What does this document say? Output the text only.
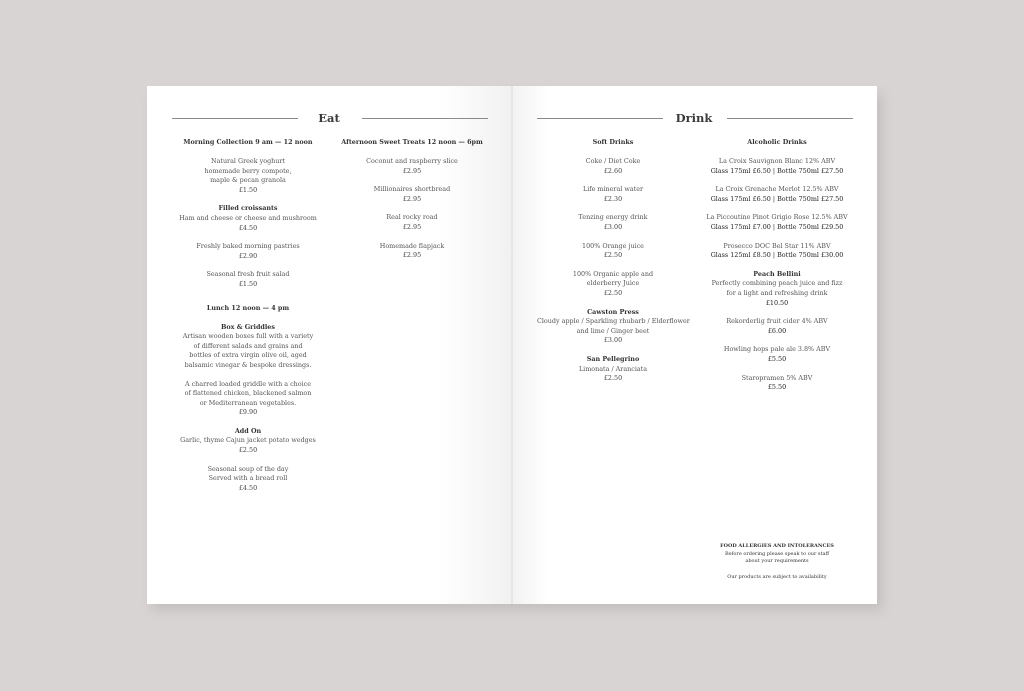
Eat	Drink
Morning Collection 9 am — 12 noon
Natural Greek yoghurt
homemade berry compote,
maple & pecan granola
£1.50
Filled croissants
Ham and cheese or cheese and mushroom
£4.50
Freshly baked morning pastries
£2.90
Seasonal fresh fruit salad
£1.50
Lunch 12 noon — 4 pm
Box & Griddles
Artisan wooden boxes full with a variety
of different salads and grains and
bottles of extra virgin olive oil, aged
balsamic vinegar & bespoke dressings.
A charred loaded griddle with a choice
of flattened chicken, blackened salmon
or Mediterranean vegetables.
£9.90
Add On
Garlic, thyme Cajun jacket potato wedges
£2.50
Seasonal soup of the day
Served with a bread roll
£4.50
Afternoon Sweet Treats 12 noon — 6pm
Coconut and raspberry slice
£2.95
Millionaires shortbread
£2.95
Real rocky road
£2.95
Homemade flapjack
£2.95
Soft Drinks
Coke / Diet Coke
£2.60
Life mineral water
£2.30
Tenzing energy drink
£3.00
100% Orange juice
£2.50
100% Organic apple and
elderberry Juice
£2.50
Cawston Press
Cloudy apple / Sparkling rhubarb / Elderflower
and lime / Ginger beet
£3.00
San Pellegrino
Limonata / Aranciata
£2.50
Alcoholic Drinks
La Croix Sauvignon Blanc 12% ABV
Glass 175ml £6.50 | Bottle 750ml £27.50
La Croix Grenache Merlot 12.5% ABV
Glass 175ml £6.50 | Bottle 750ml £27.50
La Piccoutine Pinot Grigio Rose 12.5% ABV
Glass 175ml £7.00 | Bottle 750ml £29.50
Prosecco DOC Bel Star 11% ABV
Glass 125ml £8.50 | Bottle 750ml £30.00
Peach Bellini
Perfectly combining peach juice and fizz
for a light and refreshing drink
£10.50
Rekorderlig fruit cider 4% ABV
£6.00
Howling hops pale ale 3.8% ABV
£5.50
Staropramen 5% ABV
£5.50
FOOD ALLERGIES AND INTOLERANCES
Before ordering please speak to our staff
about your requirements
Our products are subject to availability
